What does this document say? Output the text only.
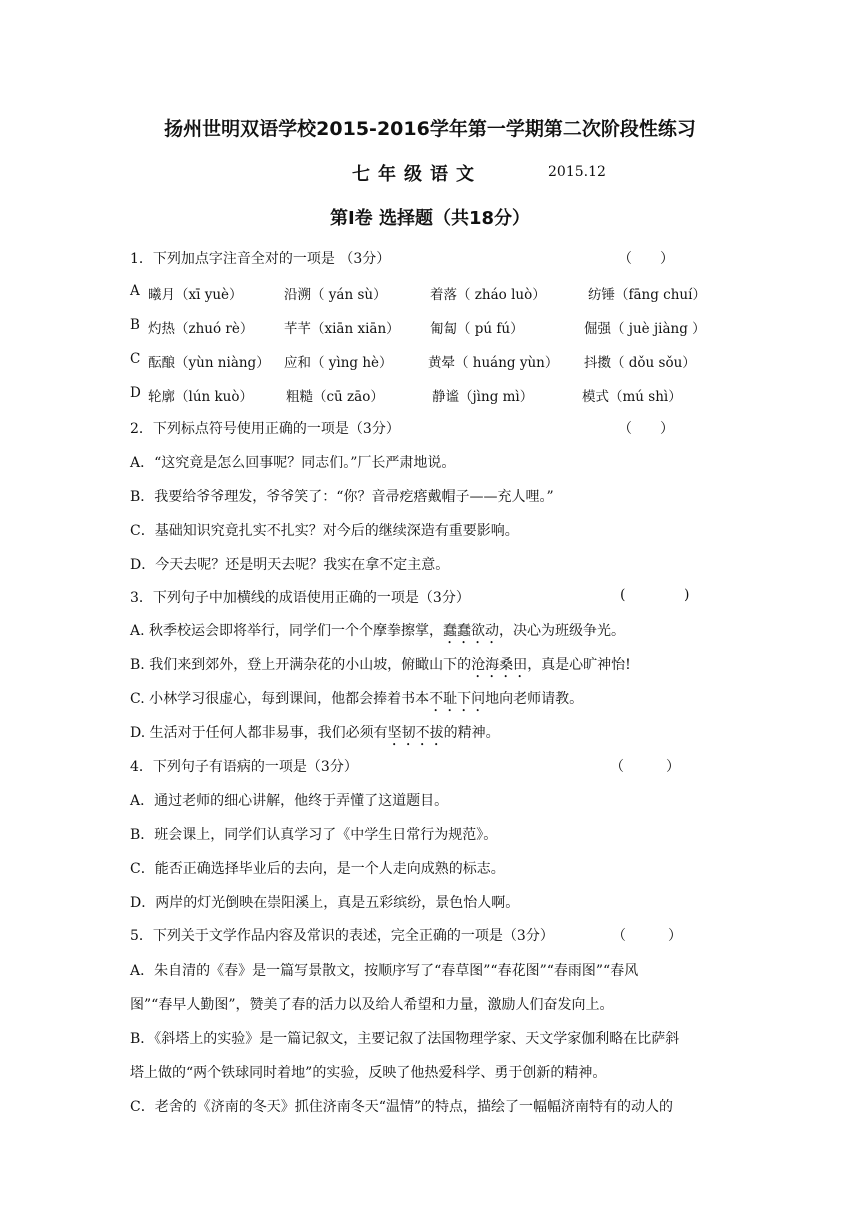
扬州世明双语学校2015-2016学年第一学期第二次阶段性练习
七年级语文	2015.12
第Ⅰ卷 选择题（共18分）
1．下列加点字注音全对的一项是 （3分）	（　　）
A 曦月（xī yuè）	沿溯（ yán sù）	着落（ zháo luò）	纺锤（fāng chuí）
B 灼热（zhuó rè） 芊芊（xiān xiān） 匍匐（ pú fú）	倔强（ juè jiàng ）
C 酝酿（yùn niàng） 应和（ yìng hè）	黄晕（ huáng yùn） 抖擞（ dǒu sǒu）
D 轮廓（lún kuò） 粗糙（cū zāo）	静谧（jìng mì）	模式（mú shì）
2．下列标点符号使用正确的一项是（3分）	（　　）
A．“这究竟是怎么回事呢？同志们。”厂长严肃地说。
B．我要给爷爷理发，爷爷笑了：“你？音帚疙瘩戴帽子——充人哩。”
C．基础知识究竟扎实不扎实？对今后的继续深造有重要影响。
D．今天去呢？还是明天去呢？我实在拿不定主意。
3．下列句子中加横线的成语使用正确的一项是（3分）	(	)
A. 秋季校运会即将举行，同学们一个个摩拳擦掌，蠢蠢欲动，决心为班级争光。
B. 我们来到郊外，登上开满杂花的小山坡，俯瞰山下的沧海桑田，真是心旷神怡!
C. 小林学习很虚心，每到课间，他都会捧着书本不耻下问地向老师请教。
D. 生活对于任何人都非易事，我们必须有坚韧不拔的精神。
4．下列句子有语病的一项是（3分）	（　　　）
A．通过老师的细心讲解，他终于弄懂了这道题目。
B．班会课上，同学们认真学习了《中学生日常行为规范》。
C．能否正确选择毕业后的去向，是一个人走向成熟的标志。
D．两岸的灯光倒映在崇阳溪上，真是五彩缤纷，景色怡人啊。
5．下列关于文学作品内容及常识的表述，完全正确的一项是（3分）	（　　　）
A．朱自清的《春》是一篇写景散文，按顺序写了“春草图”“春花图”“春雨图”“春风
图”“春早人勤图”，赞美了春的活力以及给人希望和力量，激励人们奋发向上。
B．《斜塔上的实验》是一篇记叙文，主要记叙了法国物理学家、天文学家伽利略在比萨斜
塔上做的“两个铁球同时着地”的实验，反映了他热爱科学、勇于创新的精神。
C．老舍的《济南的冬天》抓住济南冬天“温情”的特点，描绘了一幅幅济南特有的动人的
